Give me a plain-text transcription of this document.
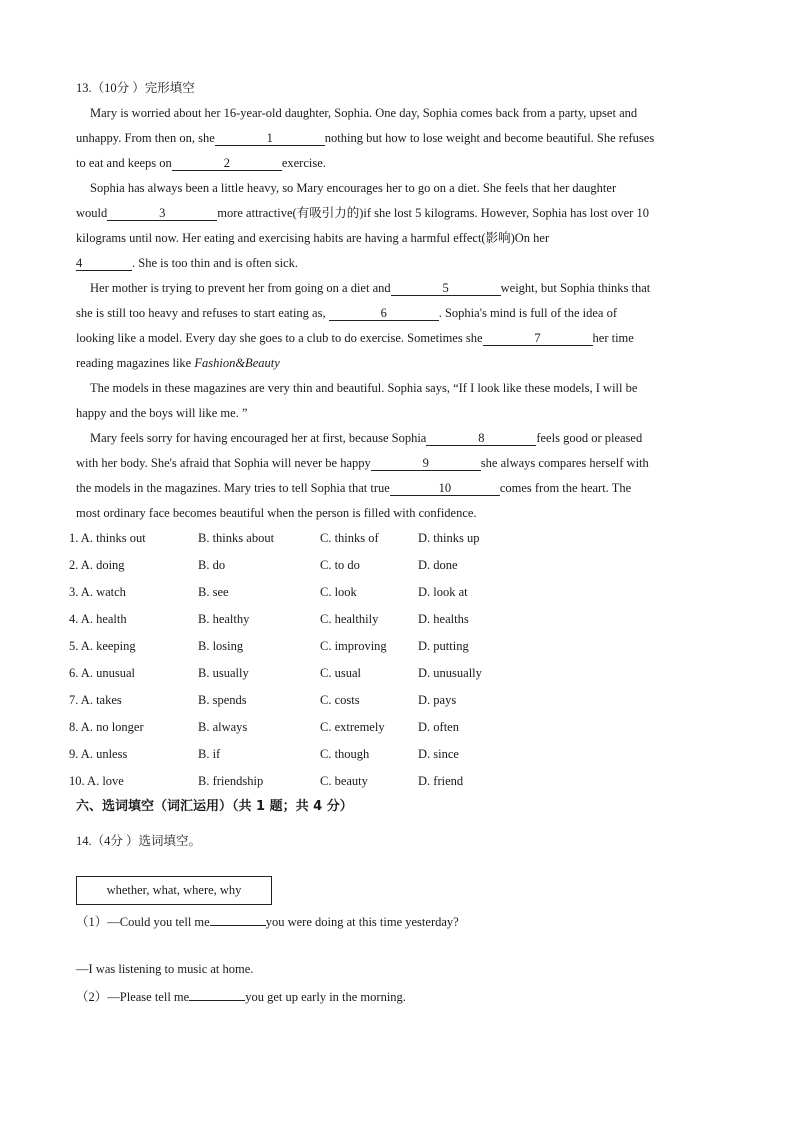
13.（10分 ）完形填空
Mary is worried about her 16-year-old daughter, Sophia. One day, Sophia comes back from a party, upset and
unhappy. From then on, she	1	nothing but how to lose weight and become beautiful. She refuses
to eat and keeps on	2	exercise.
Sophia has always been a little heavy, so Mary encourages her to go on a diet. She feels that her daughter
would	3	more attractive(有吸引力的)if she lost 5 kilograms. However, Sophia has lost over 10
kilograms until now. Her eating and exercising habits are having a harmful effect(影响)On her
4	. She is too thin and is often sick.
Her mother is trying to prevent her from going on a diet and	5	weight, but Sophia thinks that
she is still too heavy and refuses to start eating as,	6	. Sophia's mind is full of the idea of
looking like a model. Every day she goes to a club to do exercise. Sometimes she	7	her time
reading magazines like Fashion&Beauty
The models in these magazines are very thin and beautiful. Sophia says, “If I look like these models, I will be
happy and the boys will like me. ”
Mary feels sorry for having encouraged her at first, because Sophia	8	feels good or pleased
with her body. She's afraid that Sophia will never be happy	9	she always compares herself with
the models in the magazines. Mary tries to tell Sophia that true	10	comes from the heart. The
most ordinary face becomes beautiful when the person is filled with confidence.
1. A. thinks out	B. thinks about	C. thinks of	D. thinks up
2. A. doing	B. do	C. to do	D. done
3. A. watch	B. see	C. look	D. look at
4. A. health	B. healthy	C. healthily	D. healths
5. A. keeping	B. losing	C. improving	D. putting
6. A. unusual	B. usually	C. usual	D. unusually
7. A. takes	B. spends	C. costs	D. pays
8. A. no longer	B. always	C. extremely	D. often
9. A. unless	B. if	C. though	D. since
10. A. love	B. friendship	C. beauty	D. friend
六、选词填空（词汇运用）（共 1 题；共 4 分）
14.（4分 ）选词填空。
whether, what, where, why
（1）—Could you tell me	you were doing at this time yesterday?
—I was listening to music at home.
（2）—Please tell me	you get up early in the morning.
